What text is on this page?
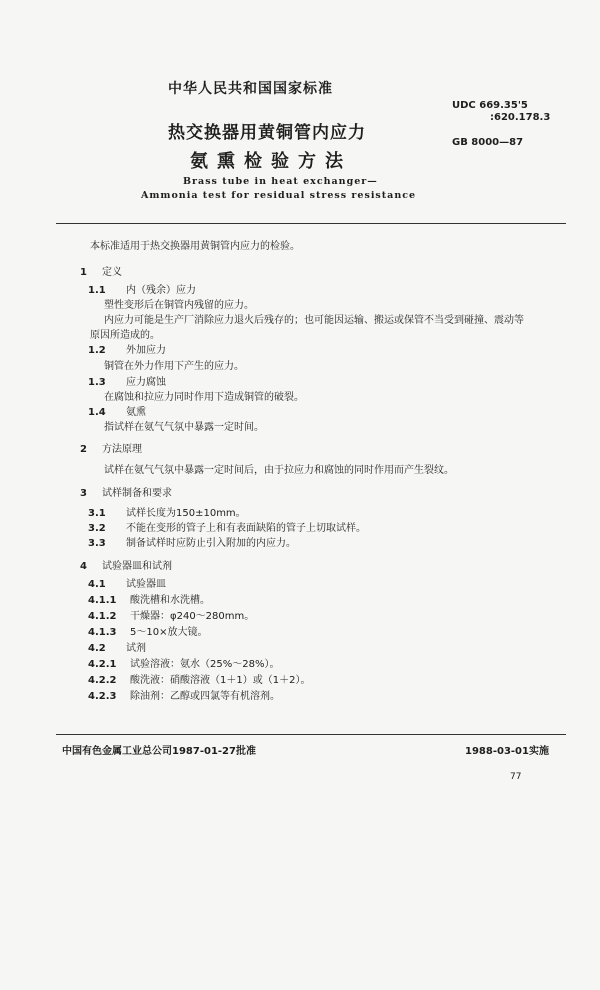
中华人民共和国国家标准
热交换器用黄铜管内应力
氨熏检验方法
UDC 669.35'5
:620.178.3
GB 8000—87
Brass tube in heat exchanger—
Ammonia test for residual stress resistance
本标准适用于热交换器用黄铜管内应力的检验。
1 定义
1.1 内（残余）应力
塑性变形后在铜管内残留的应力。
内应力可能是生产厂消除应力退火后残存的；也可能因运输、搬运或保管不当受到碰撞、震动等
原因所造成的。
1.2 外加应力
铜管在外力作用下产生的应力。
1.3 应力腐蚀
在腐蚀和拉应力同时作用下造成铜管的破裂。
1.4 氨熏
指试样在氨气气氛中暴露一定时间。
2 方法原理
试样在氨气气氛中暴露一定时间后，由于拉应力和腐蚀的同时作用而产生裂纹。
3 试样制备和要求
3.1 试样长度为150±10mm。
3.2 不能在变形的管子上和有表面缺陷的管子上切取试样。
3.3 制备试样时应防止引入附加的内应力。
4 试验器皿和试剂
4.1 试验器皿
4.1.1 酸洗槽和水洗槽。
4.1.2 干燥器：φ240～280mm。
4.1.3 5～10×放大镜。
4.2 试剂
4.2.1 试验溶液：氨水（25%～28%）。
4.2.2 酸洗液：硝酸溶液（1＋1）或（1＋2）。
4.2.3 除油剂：乙醇或四氯等有机溶剂。
中国有色金属工业总公司1987-01-27批准	1988-03-01实施
77
